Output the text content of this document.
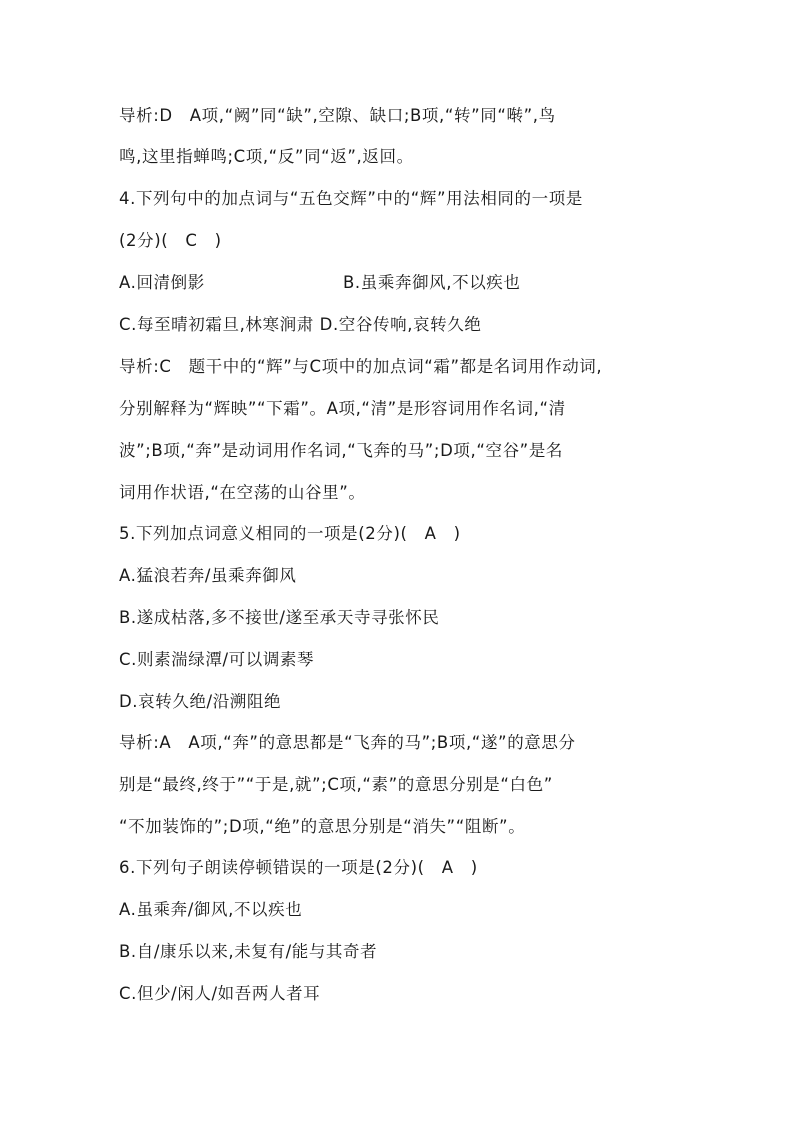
导析:D　A项,“阙”同“缺”,空隙、缺口;B项,“转”同“啭”,鸟
鸣,这里指蝉鸣;C项,“反”同“返”,返回。
4.下列句中的加点词与“五色交辉”中的“辉”用法相同的一项是
(2分)(　C　)
A.回清倒影	B.虽乘奔御风,不以疾也
C.每至晴初霜旦,林寒涧肃 D.空谷传响,哀转久绝
导析:C　题干中的“辉”与C项中的加点词“霜”都是名词用作动词,
分别解释为“辉映”“下霜”。A项,“清”是形容词用作名词,“清
波”;B项,“奔”是动词用作名词,“飞奔的马”;D项,“空谷”是名
词用作状语,“在空荡的山谷里”。
5.下列加点词意义相同的一项是(2分)(　A　)
A.猛浪若奔/虽乘奔御风
B.遂成枯落,多不接世/遂至承天寺寻张怀民
C.则素湍绿潭/可以调素琴
D.哀转久绝/沿溯阻绝
导析:A　A项,“奔”的意思都是“飞奔的马”;B项,“遂”的意思分
别是“最终,终于”“于是,就”;C项,“素”的意思分别是“白色”
“不加装饰的”;D项,“绝”的意思分别是“消失”“阻断”。
6.下列句子朗读停顿错误的一项是(2分)(　A　)
A.虽乘奔/御风,不以疾也
B.自/康乐以来,未复有/能与其奇者
C.但少/闲人/如吾两人者耳
